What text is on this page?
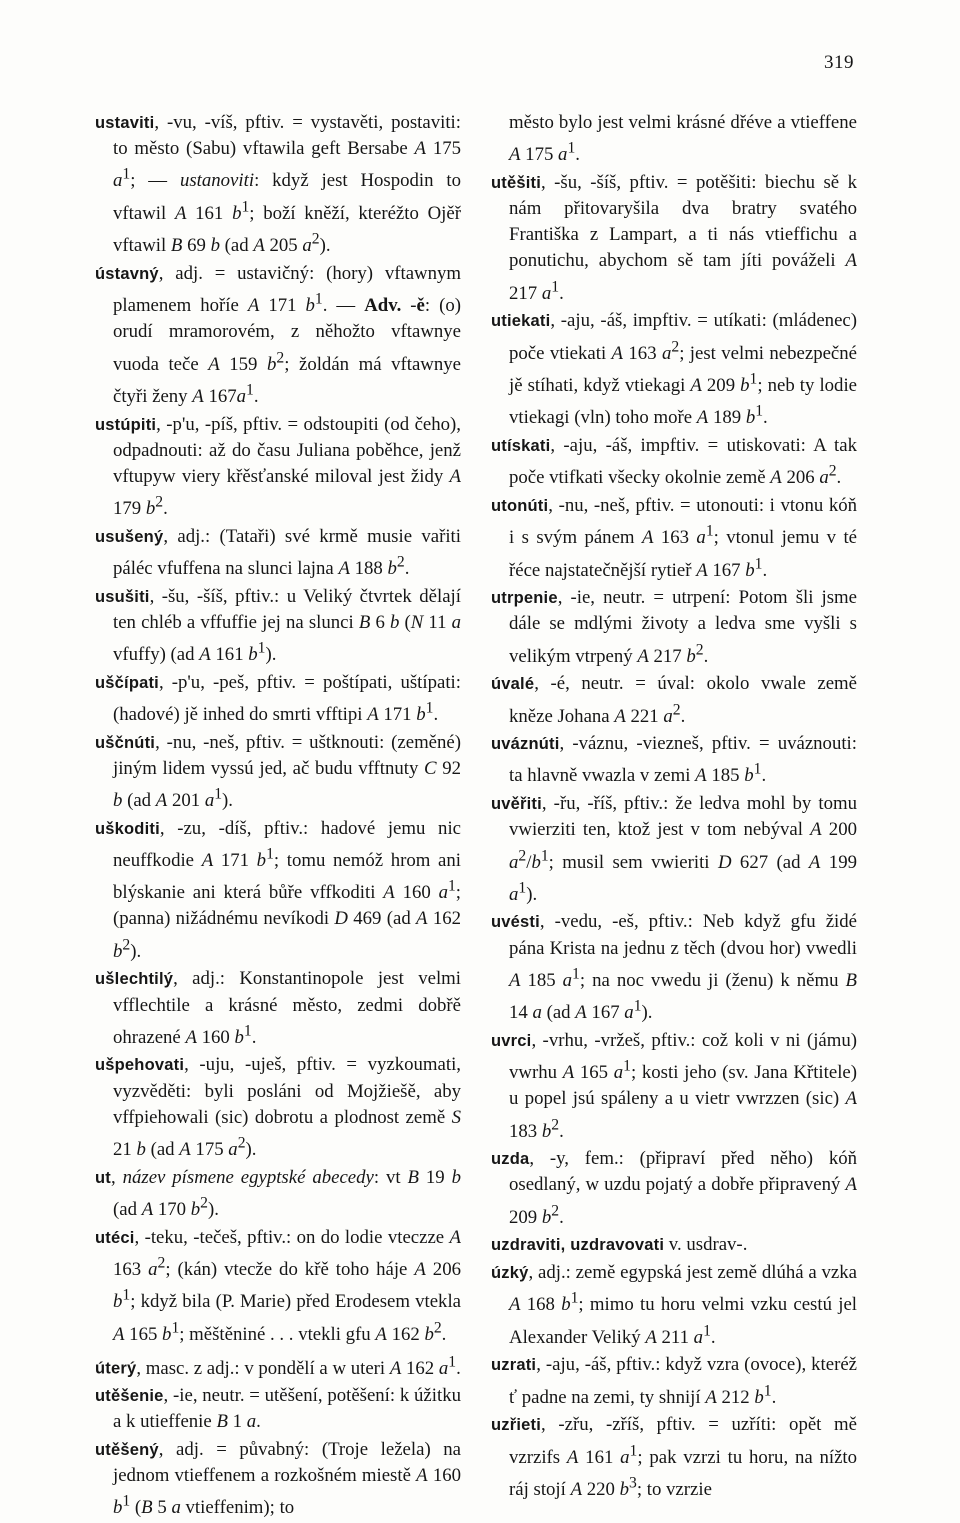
319

ustaviti, -vu, -víš, pftiv. = vystavěti, postaviti: to město (Sabu) vftawila geft Bersabe A 175 $a^1$; — ustanoviti: když jest Hospodin to vftawil A 161 $b^1$; boží kněží, kteréžto Ojěř vftawil B 69 b (ad A 205 $a^2$).

ústavný, adj. = ustavičný: (hory) vftawnym plamenem hoříe A 171 $b^1$. — Adv. -ě: (o) orudí mramorovém, z něhožto vftawnye vuoda teče A 159 $b^2$; žoldán má vftawnye čtyři ženy A $167a^1$.

ustúpiti, -p'u, -píš, pftiv. = odstoupiti (od čeho), odpadnouti: až do času Juliana poběhce, jenž vftupyw viery křěsťanské miloval jest židy A 179 $b^2$.

usušený, adj.: (Tataři) své krmě musie vařiti páléc vfuffena na slunci lajna A 188 $b^2$.

usušiti, -šu, -šíš, pftiv.: u Veliký čtvrtek dělají ten chléb a vffuffie jej na slunci B 6 b (N 11 a vfuffy) (ad A 161 $b^1$).

uščípati, -p'u, -peš, pftiv. = poštípati, uštípati: (hadové) jě inhed do smrti vfftipi A 171 $b^1$.

uščnúti, -nu, -neš, pftiv. = uštknouti: (zeměné) jiným lidem vyssú jed, ač budu vfftnuty C 92 b (ad A 201 $a^1$).

uškoditi, -zu, -díš, pftiv.: hadové jemu nic neuffkodie A 171 $b^1$; tomu nemóž hrom ani blýskanie ani která bůře vffkoditi A 160 $a^1$; (panna) nižádnému nevíkodi D 469 (ad A 162 $b^2$).

ušlechtilý, adj.: Konstantinopole jest velmi vfflechtile a krásné město, zedmi dobřě ohrazené A 160 $b^1$.

ušpehovati, -uju, -uješ, pftiv. = vyzkoumati, vyzvěděti: byli posláni od Mojžiešě, aby vffpiehowali (sic) dobrotu a plodnost země S 21 b (ad A 175 $a^2$).

ut, název písmene egyptské abecedy: vt B 19 b (ad A 170 $b^2$).

utéci, -teku, -tečeš, pftiv.: on do lodie vteczze A 163 $a^2$; (kán) vtecže do křě toho háje A 206 $b^1$; když bila (P. Marie) před Erodesem vtekla A 165 $b^1$; měštěniné . . . vtekli gfu A 162 $b^2$.

úterý, masc. z adj.: v pondělí a w uteri A 162 $a^1$.

utěšenie, -ie, neutr. = utěšení, potěšení: k úžitku a k utieffenie B 1 a.

utěšený, adj. = půvabný: (Troje ležela) na jednom vtieffenem a rozkošném miestě A 160 $b^1$ (B 5 a vtieffenim); to

město bylo jest velmi krásné dřéve a vtieffene A 175 $a^1$.

utěšiti, -šu, -šíš, pftiv. = potěšiti: biechu sě k nám přitovaryšila dva bratry svatého Františka z Lampart, a ti nás vtieffichu a ponutichu, abychom sě tam jíti pováželi A 217 $a^1$.

utiekati, -aju, -áš, impftiv. = utíkati: (mládenec) poče vtiekati A 163 $a^2$; jest velmi nebezpečné jě stíhati, když vtiekagi A 209 $b^1$; neb ty lodie vtiekagi (vln) toho moře A 189 $b^1$.

utískati, -aju, -áš, impftiv. = utiskovati: A tak poče vtifkati všecky okolnie země A 206 $a^2$.

utonúti, -nu, -neš, pftiv. = utonouti: i vtonu kóň i s svým pánem A 163 $a^1$; vtonul jemu v té řéce najstatečnější rytieř A 167 $b^1$.

utrpenie, -ie, neutr. = utrpení: Potom šli jsme dále se mdlými životy a ledva sme vyšli s velikým vtrpený A 217 $b^2$.

úvalé, -é, neutr. = úval: okolo vwale země kněze Johana A 221 $a^2$.

uváznúti, -váznu, -viezneš, pftiv. = uváznouti: ta hlavně vwazla v zemi A 185 $b^1$.

uvěřiti, -řu, -říš, pftiv.: že ledva mohl by tomu vwierziti ten, ktož jest v tom nebýval A 200 $a^2/b^1$; musil sem vwieriti D 627 (ad A 199 $a^1$).

uvésti, -vedu, -eš, pftiv.: Neb když gfu židé pána Krista na jednu z těch (dvou hor) vwedli A 185 $a^1$; na noc vwedu ji (ženu) k němu B 14 a (ad A 167 $a^1$).

uvrci, -vrhu, -vržeš, pftiv.: což koli v ni (jámu) vwrhu A 165 $a^1$; kosti jeho (sv. Jana Křtitele) u popel jsú spáleny a u vietr vwrzzen (sic) A 183 $b^2$.

uzda, -y, fem.: (připraví před něho) kóň osedlaný, w uzdu pojatý a dobře připravený A 209 $b^2$.

uzdraviti, uzdravovati v. usdrav-.

úzký, adj.: země egypská jest země dlúhá a vzka A 168 $b^1$; mimo tu horu velmi vzku cestú jel Alexander Veliký A 211 $a^1$.

uzrati, -aju, -áš, pftiv.: když vzra (ovoce), kteréž ť padne na zemi, ty shnijí A 212 $b^1$.

uzřieti, -zřu, -zříš, pftiv. = uzříti: opět mě vzrzifs A 161 $a^1$; pak vzrzi tu horu, na nížto ráj stojí A 220 $b^3$; to vzrzie
